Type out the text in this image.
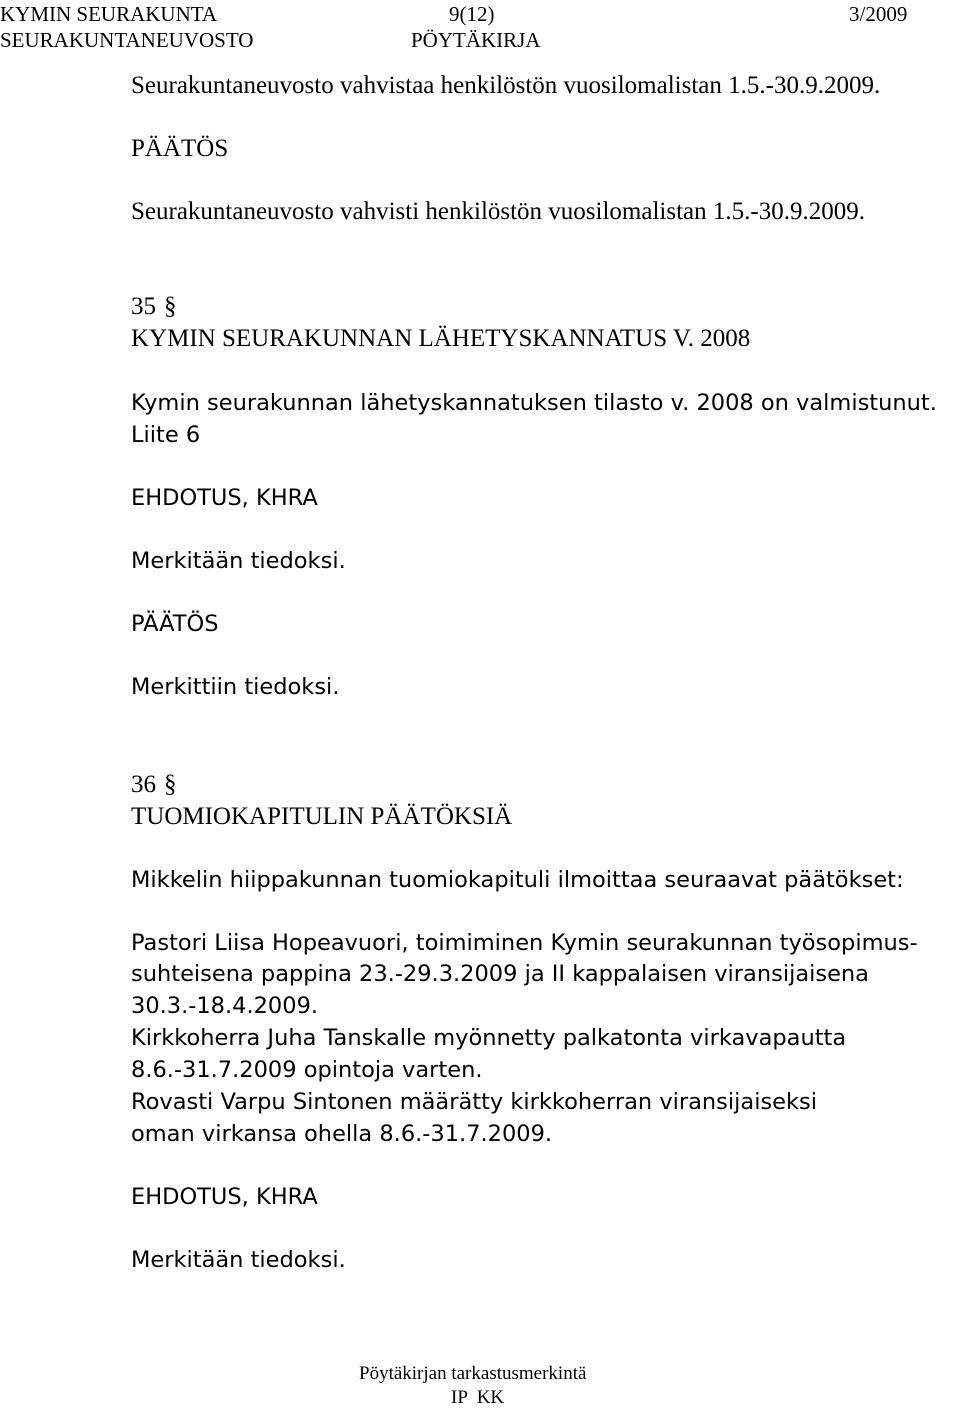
KYMIN SEURAKUNTA	9(12)	3/2009
SEURAKUNTANEUVOSTO	PÖYTÄKIRJA
Seurakuntaneuvosto vahvistaa henkilöstön vuosilomalistan 1.5.-30.9.2009.
PÄÄTÖS
Seurakuntaneuvosto vahvisti henkilöstön vuosilomalistan 1.5.-30.9.2009.
35 §
KYMIN SEURAKUNNAN LÄHETYSKANNATUS V. 2008
Kymin seurakunnan lähetyskannatuksen tilasto v. 2008 on valmistunut.
Liite 6
EHDOTUS, KHRA
Merkitään tiedoksi.
PÄÄTÖS
Merkittiin tiedoksi.
36 §
TUOMIOKAPITULIN PÄÄTÖKSIÄ
Mikkelin hiippakunnan tuomiokapituli ilmoittaa seuraavat päätökset:
Pastori Liisa Hopeavuori, toimiminen Kymin seurakunnan työsopimus-
suhteisena pappina 23.-29.3.2009 ja II kappalaisen viransijaisena
30.3.-18.4.2009.
Kirkkoherra Juha Tanskalle myönnetty palkatonta virkavapautta
8.6.-31.7.2009 opintoja varten.
Rovasti Varpu Sintonen määrätty kirkkoherran viransijaiseksi
oman virkansa ohella 8.6.-31.7.2009.
EHDOTUS, KHRA
Merkitään tiedoksi.
Pöytäkirjan tarkastusmerkintä
IP  KK
